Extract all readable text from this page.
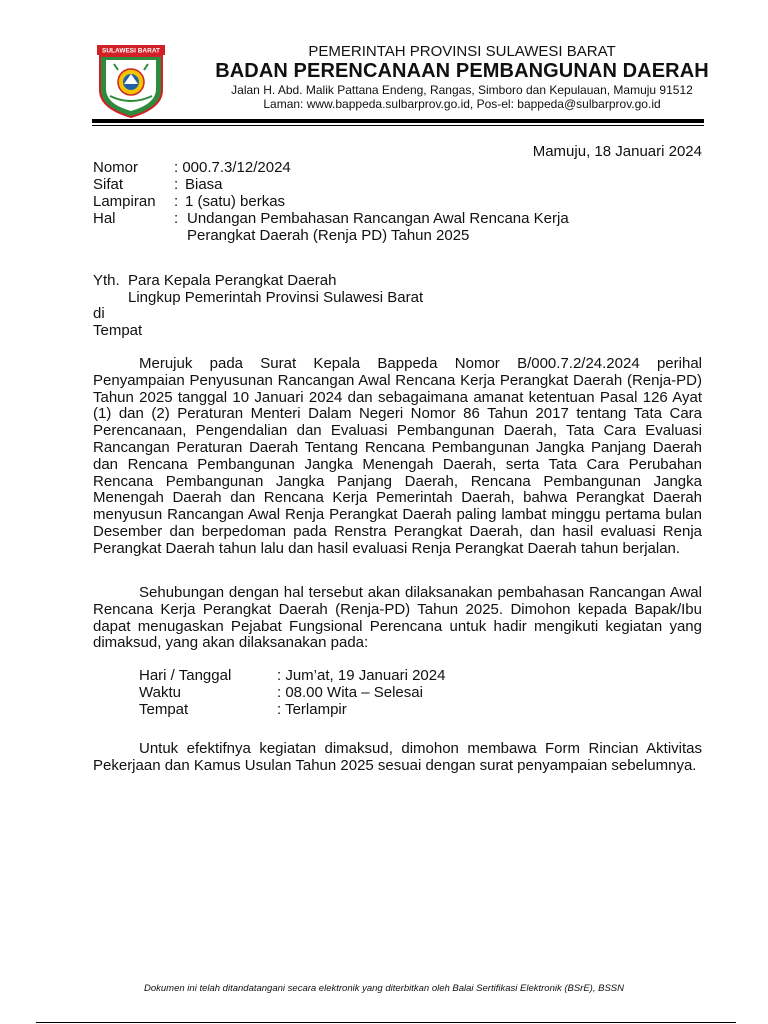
SULAWESI BARAT	PEMERINTAH PROVINSI SULAWESI BARAT
BADAN PERENCANAAN PEMBANGUNAN DAERAH
Jalan H. Abd. Malik Pattana Endeng, Rangas, Simboro dan Kepulauan, Mamuju 91512
Laman: www.bappeda.sulbarprov.go.id, Pos-el: bappeda@sulbarprov.go.id
Mamuju, 18 Januari 2024
Nomor : 000.7.3/12/2024
Sifat	: Biasa
Lampiran : 1 (satu) berkas
Hal	: Undangan Pembahasan Rancangan Awal Rencana Kerja
Perangkat Daerah (Renja PD) Tahun 2025
Yth. Para Kepala Perangkat Daerah
Lingkup Pemerintah Provinsi Sulawesi Barat
di
Tempat
Merujuk pada Surat Kepala Bappeda Nomor B/000.7.2/24.2024 perihal Penyampaian Penyusunan Rancangan Awal Rencana Kerja Perangkat Daerah (Renja-PD) Tahun 2025 tanggal 10 Januari 2024 dan sebagaimana amanat ketentuan Pasal 126 Ayat (1) dan (2) Peraturan Menteri Dalam Negeri Nomor 86 Tahun 2017 tentang Tata Cara Perencanaan, Pengendalian dan Evaluasi Pembangunan Daerah, Tata Cara Evaluasi Rancangan Peraturan Daerah Tentang Rencana Pembangunan Jangka Panjang Daerah dan Rencana Pembangunan Jangka Menengah Daerah, serta Tata Cara Perubahan Rencana Pembangunan Jangka Panjang Daerah, Rencana Pembangunan Jangka Menengah Daerah dan Rencana Kerja Pemerintah Daerah, bahwa Perangkat Daerah menyusun Rancangan Awal Renja Perangkat Daerah paling lambat minggu pertama bulan Desember dan berpedoman pada Renstra Perangkat Daerah, dan hasil evaluasi Renja Perangkat Daerah tahun lalu dan hasil evaluasi Renja Perangkat Daerah tahun berjalan.
Sehubungan dengan hal tersebut akan dilaksanakan pembahasan Rancangan Awal Rencana Kerja Perangkat Daerah (Renja-PD) Tahun 2025. Dimohon kepada Bapak/Ibu dapat menugaskan Pejabat Fungsional Perencana untuk hadir mengikuti kegiatan yang dimaksud, yang akan dilaksanakan pada:
Hari / Tanggal	: Jum’at, 19 Januari 2024
Waktu	: 08.00 Wita – Selesai
Tempat	: Terlampir
Untuk efektifnya kegiatan dimaksud, dimohon membawa Form Rincian Aktivitas Pekerjaan dan Kamus Usulan Tahun 2025 sesuai dengan surat penyampaian sebelumnya.
Dokumen ini telah ditandatangani secara elektronik yang diterbitkan oleh Balai Sertifikasi Elektronik (BSrE), BSSN
